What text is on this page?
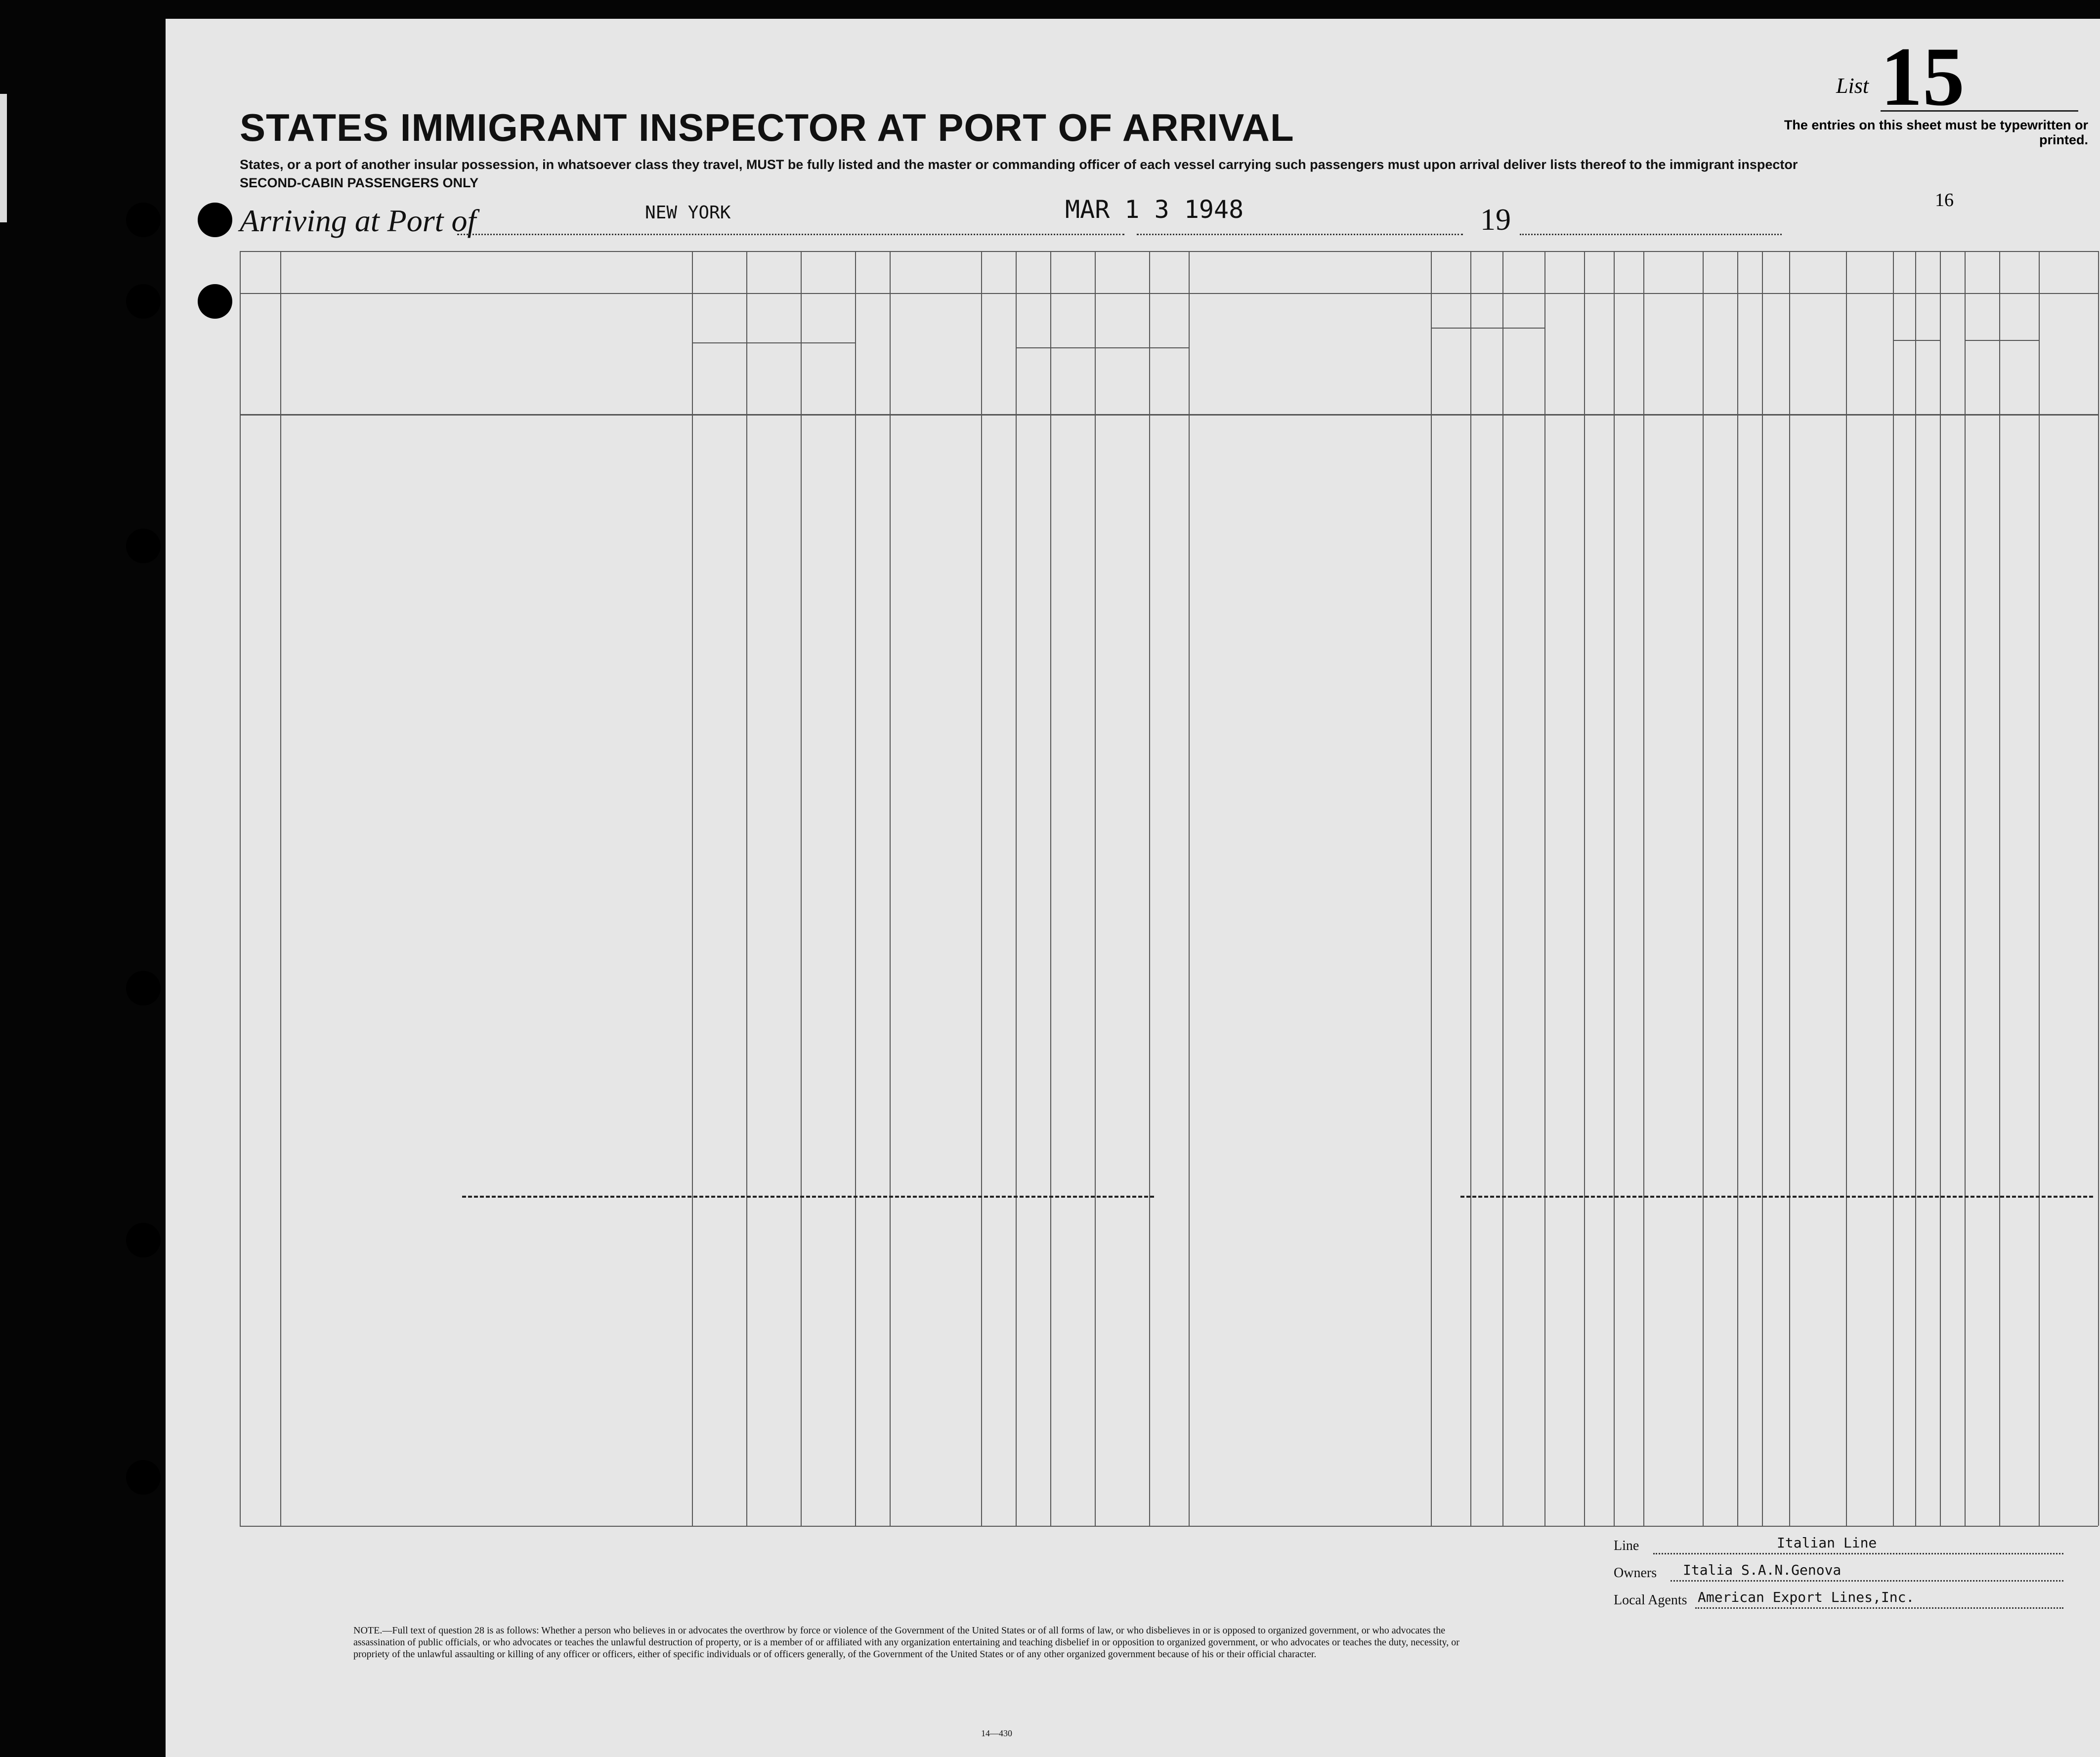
STATES IMMIGRANT INSPECTOR AT PORT OF ARRIVAL
States, or a port of another insular possession, in whatsoever class they travel, MUST be fully listed and the master or commanding officer of each vessel carrying such passengers must upon arrival deliver lists thereof to the immigrant inspector
SECOND-CABIN PASSENGERS ONLY
Arriving at Port of	NEW YORK	MAR 1 3 1948	19
List 15
The entries on this sheet must be typewritten or printed.
16
NOTE.—Full text of question 28 is as follows: Whether a person who believes in or advocates the overthrow by force or violence of the Government of the United States or of all forms of law, or who disbelieves in or is opposed to organized government, or who advocates the assassination of public officials, or who advocates or teaches the unlawful destruction of property, or is a member of or affiliated with any organization entertaining and teaching disbelief in or opposition to organized government, or who advocates or teaches the duty, necessity, or propriety of the unlawful assaulting or killing of any officer or officers, either of specific individuals or of officers generally, of the Government of the United States or of any other organized government because of his or their official character.
14—430
Line	Italian Line
Owners Italia S.A.N.Genova
Local Agents American Export Lines,Inc.
